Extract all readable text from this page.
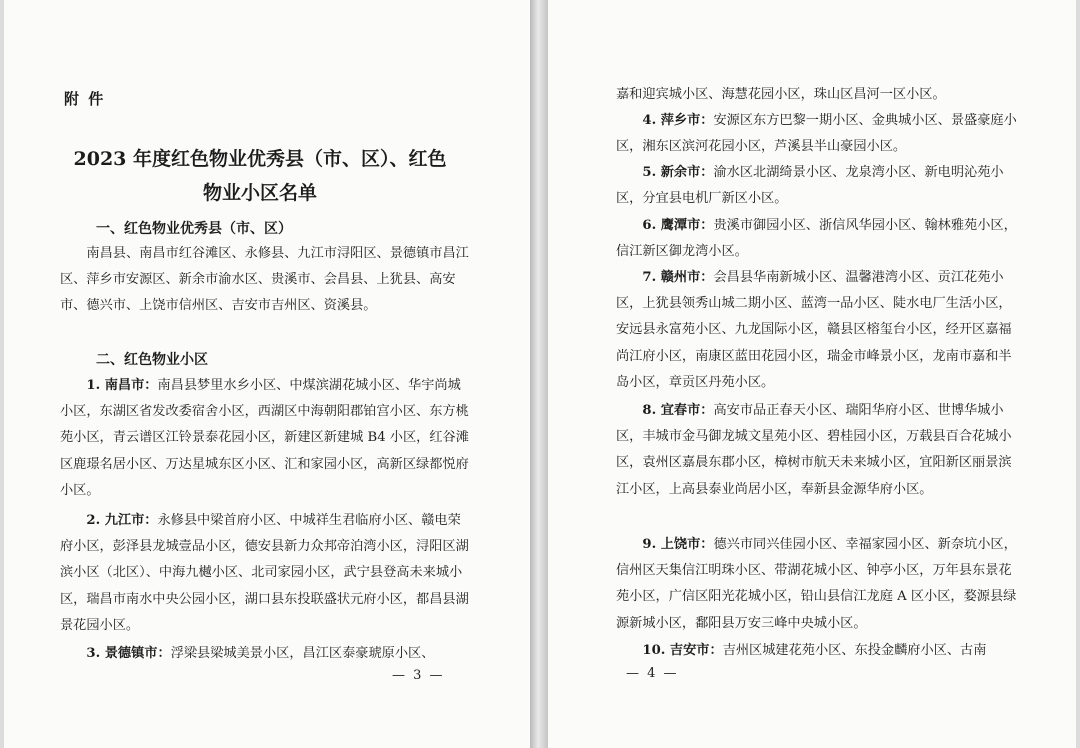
附 件
2023 年度红色物业优秀县（市、区）、红色
物业小区名单
一、红色物业优秀县（市、区）

南昌县、南昌市红谷滩区、永修县、九江市浔阳区、景德镇市昌江区、萍乡市安源区、新余市渝水区、贵溪市、会昌县、上犹县、高安市、德兴市、上饶市信州区、吉安市吉州区、资溪县。

二、红色物业小区

1. 南昌市：南昌县梦里水乡小区、中煤滨湖花城小区、华宇尚城小区，东湖区省发改委宿舍小区，西湖区中海朝阳郡铂宫小区、东方桃苑小区，青云谱区江铃景泰花园小区，新建区新建城 B4 小区，红谷滩区鹿璟名居小区、万达星城东区小区、汇和家园小区，高新区绿都悦府小区。

2. 九江市：永修县中梁首府小区、中城祥生君临府小区、赣电荣府小区，彭泽县龙城壹品小区，德安县新力众邦帝泊湾小区，浔阳区湖滨小区（北区）、中海九樾小区、北司家园小区，武宁县登高未来城小区，瑞昌市南水中央公园小区，湖口县东投联盛状元府小区，都昌县湖景花园小区。

3. 景德镇市：浮梁县梁城美景小区，昌江区泰豪琥原小区、

— 3 —

嘉和迎宾城小区、海慧花园小区，珠山区昌河一区小区。

4. 萍乡市：安源区东方巴黎一期小区、金典城小区、景盛豪庭小区，湘东区滨河花园小区，芦溪县半山豪园小区。

5. 新余市：渝水区北湖绮景小区、龙泉湾小区、新电明沁苑小区，分宜县电机厂新区小区。

6. 鹰潭市：贵溪市御园小区、浙信风华园小区、翰林雅苑小区，信江新区御龙湾小区。

7. 赣州市：会昌县华南新城小区、温馨港湾小区、贡江花苑小区，上犹县领秀山城二期小区、蓝湾一品小区、陡水电厂生活小区，安远县永富苑小区、九龙国际小区，赣县区榕玺台小区，经开区嘉福尚江府小区，南康区蓝田花园小区，瑞金市峰景小区，龙南市嘉和半岛小区，章贡区丹苑小区。

8. 宜春市：高安市品正春天小区、瑞阳华府小区、世博华城小区，丰城市金马御龙城文星苑小区、碧桂园小区，万载县百合花城小区，袁州区嘉晨东郡小区，樟树市航天未来城小区，宜阳新区丽景滨江小区，上高县泰业尚居小区，奉新县金源华府小区。

9. 上饶市：德兴市同兴佳园小区、幸福家园小区、新奈坑小区，信州区天集信江明珠小区、带湖花城小区、钟亭小区，万年县东景花苑小区，广信区阳光花城小区，铅山县信江龙庭 A 区小区，婺源县绿源新城小区，鄱阳县万安三峰中央城小区。

10. 吉安市：吉州区城建花苑小区、东投金麟府小区、古南

— 4 —
